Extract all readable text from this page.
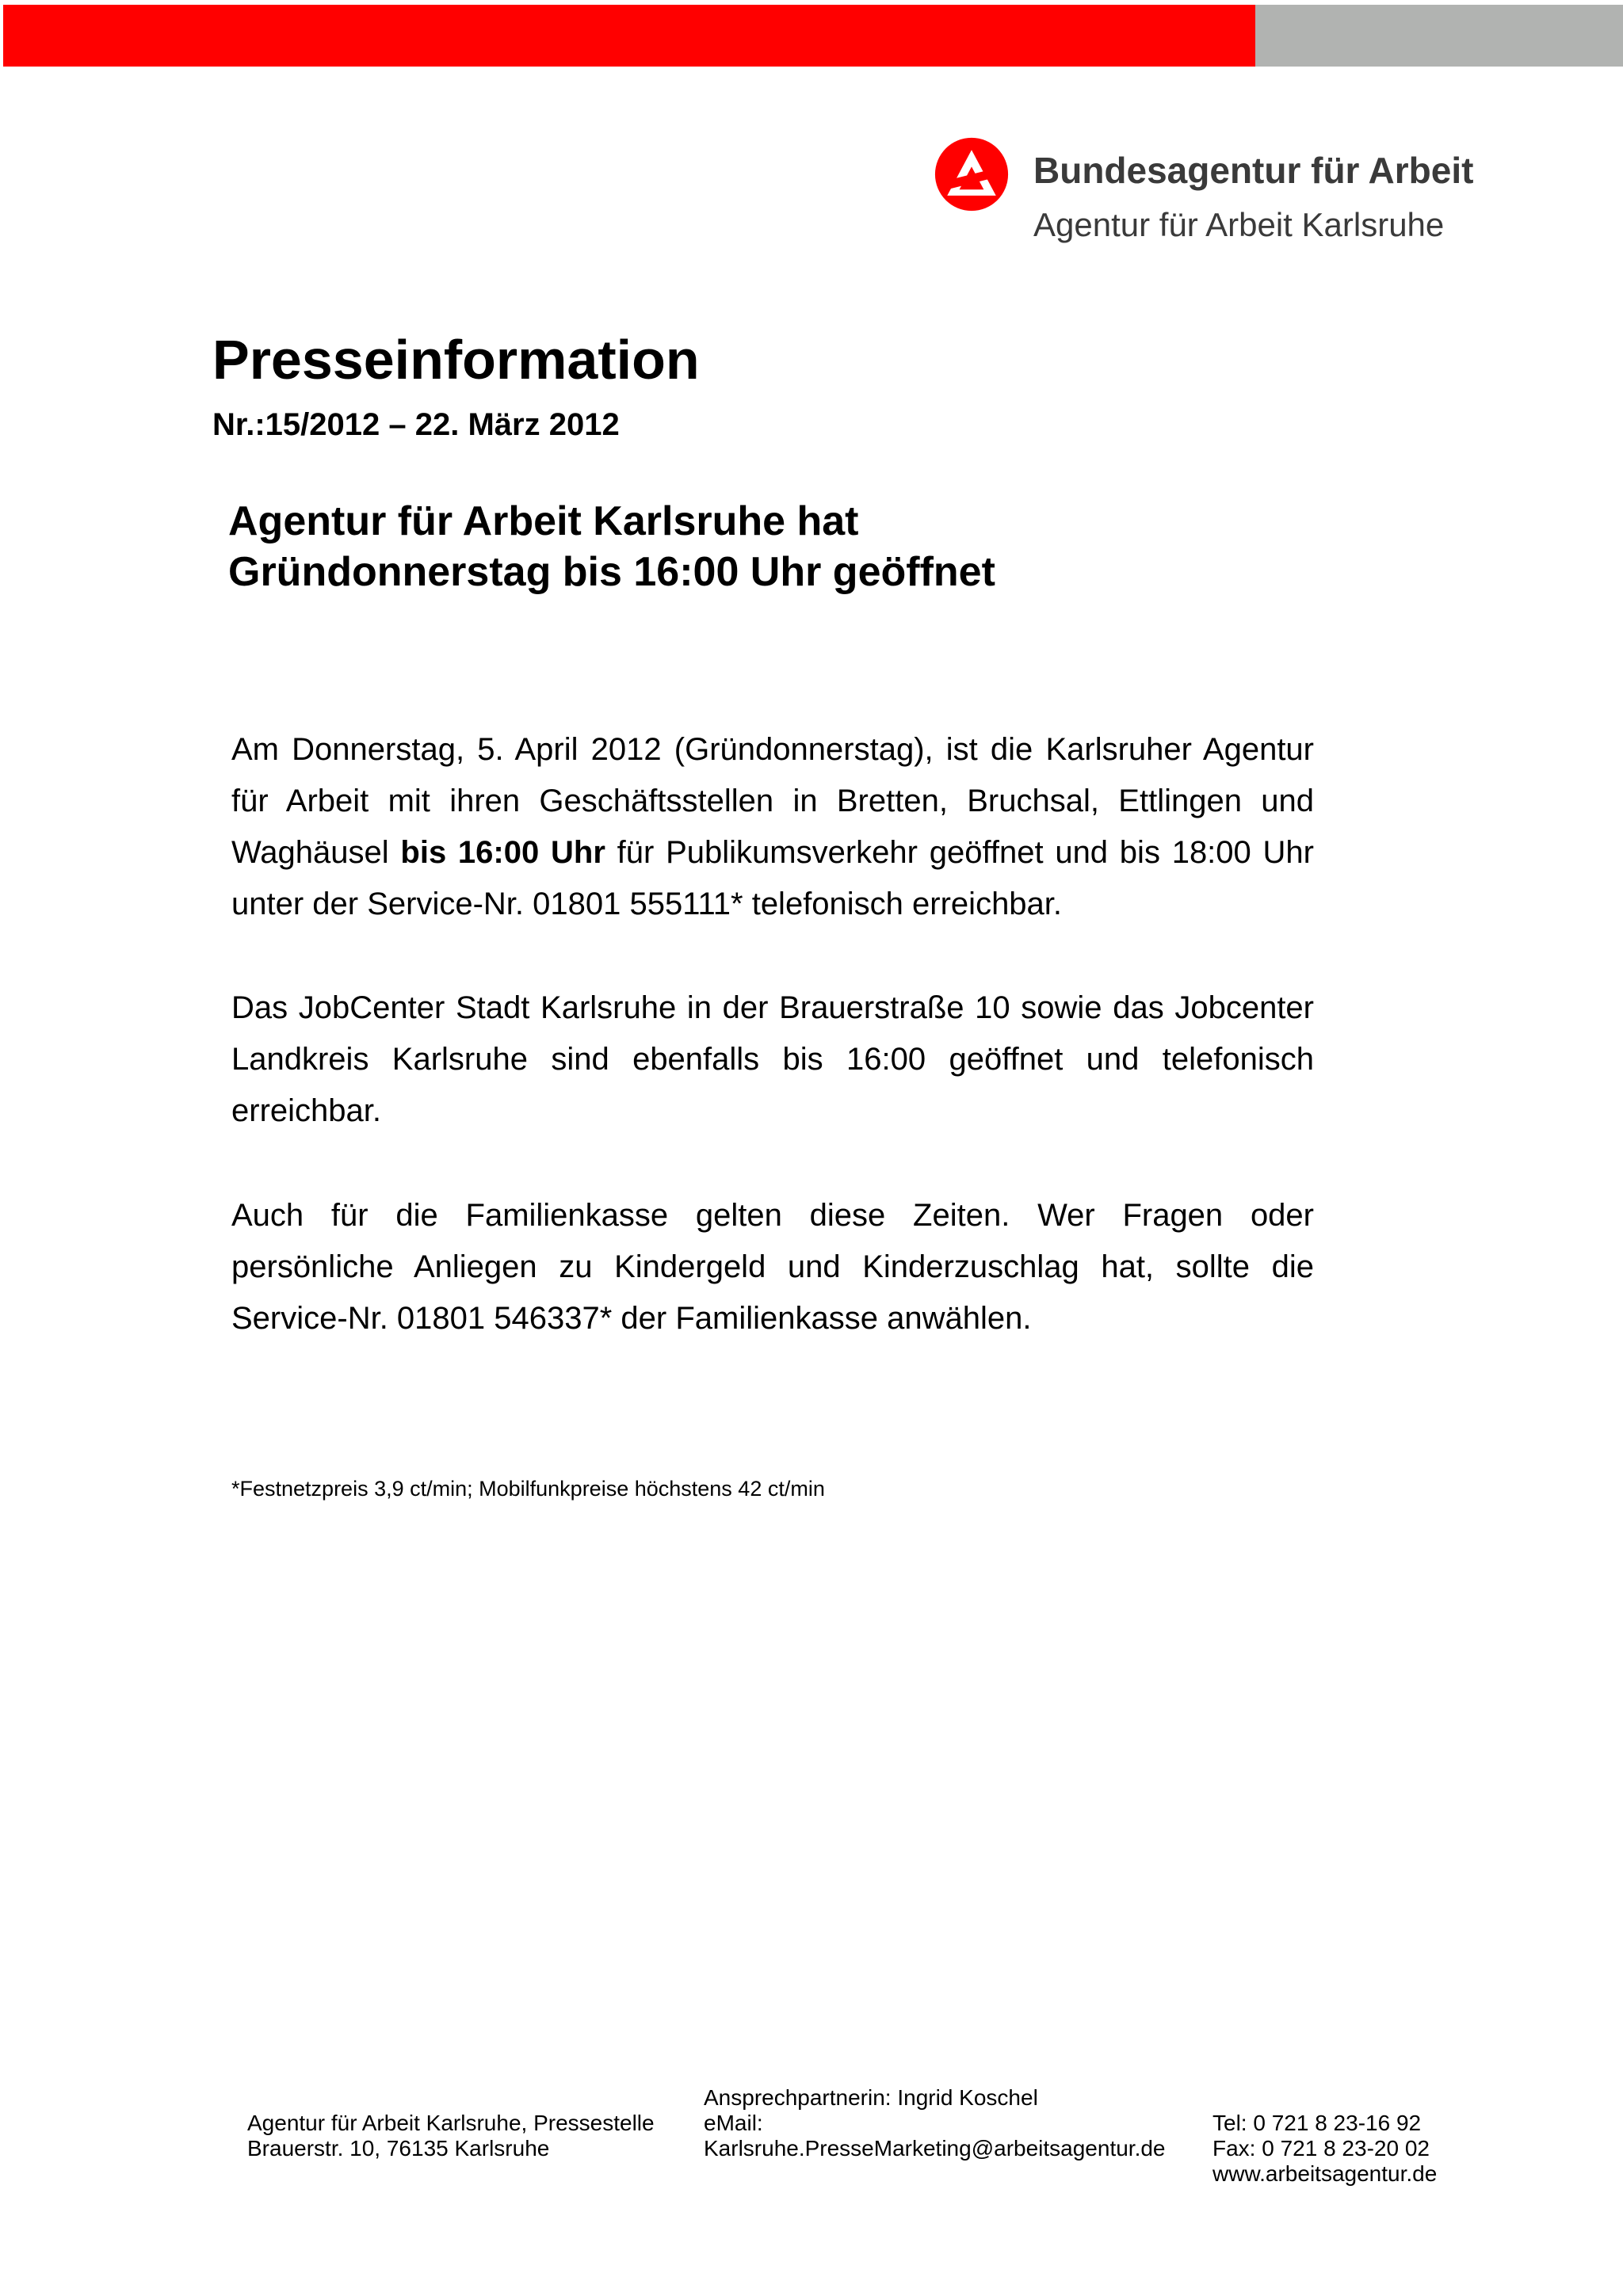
Bundesagentur für Arbeit
Agentur für Arbeit Karlsruhe
Presseinformation
Nr.:15/2012 – 22. März 2012
Agentur für Arbeit Karlsruhe hat
Gründonnerstag bis 16:00 Uhr geöffnet

Am Donnerstag, 5. April 2012 (Gründonnerstag), ist die Karlsruher Agentur für Arbeit mit ihren Geschäftsstellen in Bretten, Bruchsal, Ettlingen und Waghäusel bis 16:00 Uhr für Publikumsverkehr geöffnet und bis 18:00 Uhr unter der Service-Nr. 01801 555111* telefonisch erreichbar.

Das JobCenter Stadt Karlsruhe in der Brauerstraße 10 sowie das Jobcenter Landkreis Karlsruhe sind ebenfalls bis 16:00 geöffnet und telefonisch erreichbar.

Auch für die Familienkasse gelten diese Zeiten. Wer Fragen oder persönliche Anliegen zu Kindergeld und Kinderzuschlag hat, sollte die Service-Nr. 01801 546337* der Familienkasse anwählen.

*Festnetzpreis 3,9 ct/min; Mobilfunkpreise höchstens 42 ct/min
Agentur für Arbeit Karlsruhe, Pressestelle
Brauerstr. 10, 76135 Karlsruhe
Ansprechpartnerin: Ingrid Koschel
eMail:
Karlsruhe.PresseMarketing@arbeitsagentur.de
Tel: 0 721 8 23-16 92
Fax: 0 721 8 23-20 02
www.arbeitsagentur.de
